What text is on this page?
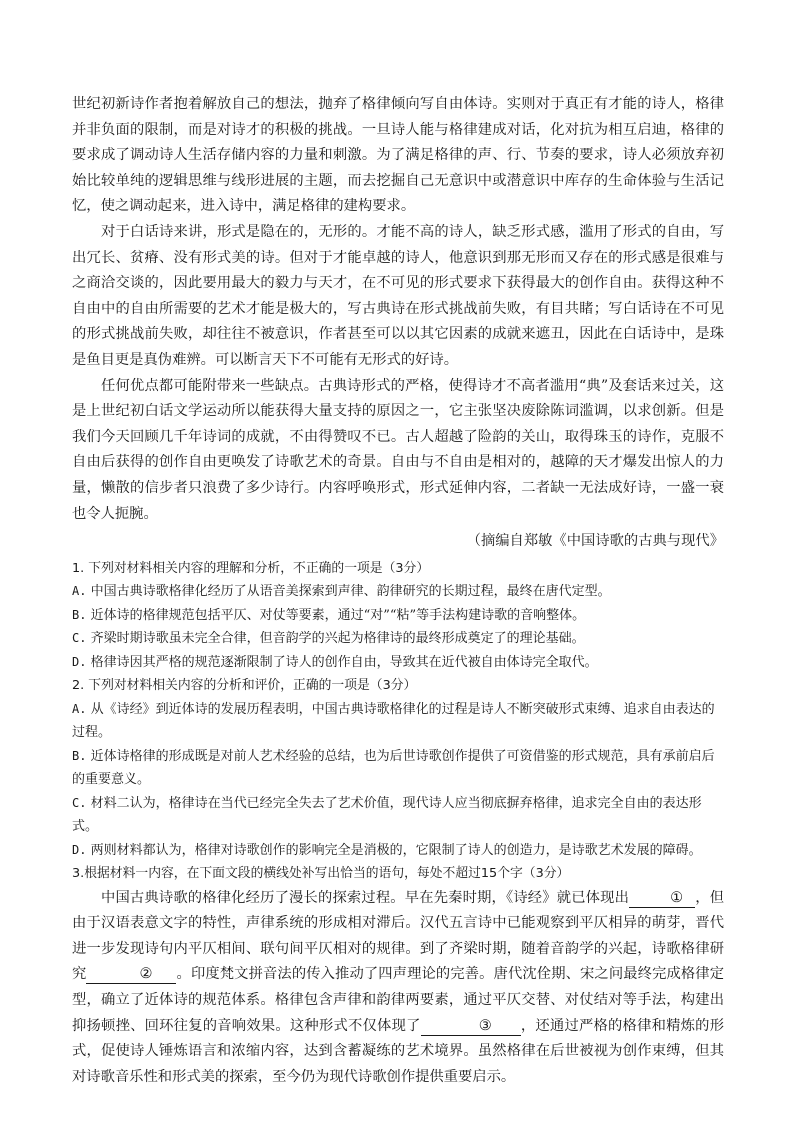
世纪初新诗作者抱着解放自己的想法，抛弃了格律倾向写自由体诗。实则对于真正有才能的诗人，格律并非负面的限制，而是对诗才的积极的挑战。一旦诗人能与格律建成对话，化对抗为相互启迪，格律的要求成了调动诗人生活存储内容的力量和刺激。为了满足格律的声、行、节奏的要求，诗人必须放弃初始比较单纯的逻辑思维与线形进展的主题，而去挖掘自己无意识中或潜意识中库存的生命体验与生活记忆，使之调动起来，进入诗中，满足格律的建构要求。

对于白话诗来讲，形式是隐在的，无形的。才能不高的诗人，缺乏形式感，滥用了形式的自由，写出冗长、贫瘠、没有形式美的诗。但对于才能卓越的诗人，他意识到那无形而又存在的形式感是很难与之商洽交谈的，因此要用最大的毅力与天才，在不可见的形式要求下获得最大的创作自由。获得这种不自由中的自由所需要的艺术才能是极大的，写古典诗在形式挑战前失败，有目共睹；写白话诗在不可见的形式挑战前失败，却往往不被意识，作者甚至可以以其它因素的成就来遮丑，因此在白话诗中，是珠是鱼目更是真伪难辨。可以断言天下不可能有无形式的好诗。

任何优点都可能附带来一些缺点。古典诗形式的严格，使得诗才不高者滥用“典”及套话来过关，这是上世纪初白话文学运动所以能获得大量支持的原因之一，它主张坚决废除陈词滥调，以求创新。但是我们今天回顾几千年诗词的成就，不由得赞叹不已。古人超越了险韵的关山，取得珠玉的诗作，克服不自由后获得的创作自由更唤发了诗歌艺术的奇景。自由与不自由是相对的，越障的天才爆发出惊人的力量，懒散的信步者只浪费了多少诗行。内容呼唤形式，形式延伸内容，二者缺一无法成好诗，一盛一衰也令人扼腕。

（摘编自郑敏《中国诗歌的古典与现代》

1. 下列对材料相关内容的理解和分析，不正确的一项是（3分）

A. 中国古典诗歌格律化经历了从语音美探索到声律、韵律研究的长期过程，最终在唐代定型。

B. 近体诗的格律规范包括平仄、对仗等要素，通过“对”“粘”等手法构建诗歌的音响整体。

C. 齐梁时期诗歌虽未完全合律，但音韵学的兴起为格律诗的最终形成奠定了的理论基础。

D. 格律诗因其严格的规范逐渐限制了诗人的创作自由，导致其在近代被自由体诗完全取代。

2. 下列对材料相关内容的分析和评价，正确的一项是（3分）

A. 从《诗经》到近体诗的发展历程表明，中国古典诗歌格律化的过程是诗人不断突破形式束缚、追求自由表达的过程。

B. 近体诗格律的形成既是对前人艺术经验的总结，也为后世诗歌创作提供了可资借鉴的形式规范，具有承前启后的重要意义。

C. 材料二认为，格律诗在当代已经完全失去了艺术价值，现代诗人应当彻底摒弃格律，追求完全自由的表达形式。

D. 两则材料都认为，格律对诗歌创作的影响完全是消极的，它限制了诗人的创造力，是诗歌艺术发展的障碍。

3.根据材料一内容，在下面文段的横线处补写出恰当的语句，每处不超过15个字（3分）

中国古典诗歌的格律化经历了漫长的探索过程。早在先秦时期，《诗经》就已体现出	① ，但由于汉语表意文字的特性，声律系统的形成相对滞后。汉代五言诗中已能观察到平仄相异的萌芽，晋代进一步发现诗句内平仄相间、联句间平仄相对的规律。到了齐梁时期，随着音韵学的兴起，诗歌格律研究	② 。印度梵文拼音法的传入推动了四声理论的完善。唐代沈佺期、宋之问最终完成格律定型，确立了近体诗的规范体系。格律包含声律和韵律两要素，通过平仄交替、对仗结对等手法，构建出抑扬顿挫、回环往复的音响效果。这种形式不仅体现了	③ ，还通过严格的格律和精炼的形式，促使诗人锤炼语言和浓缩内容，达到含蓄凝练的艺术境界。虽然格律在后世被视为创作束缚，但其对诗歌音乐性和形式美的探索，至今仍为现代诗歌创作提供重要启示。
